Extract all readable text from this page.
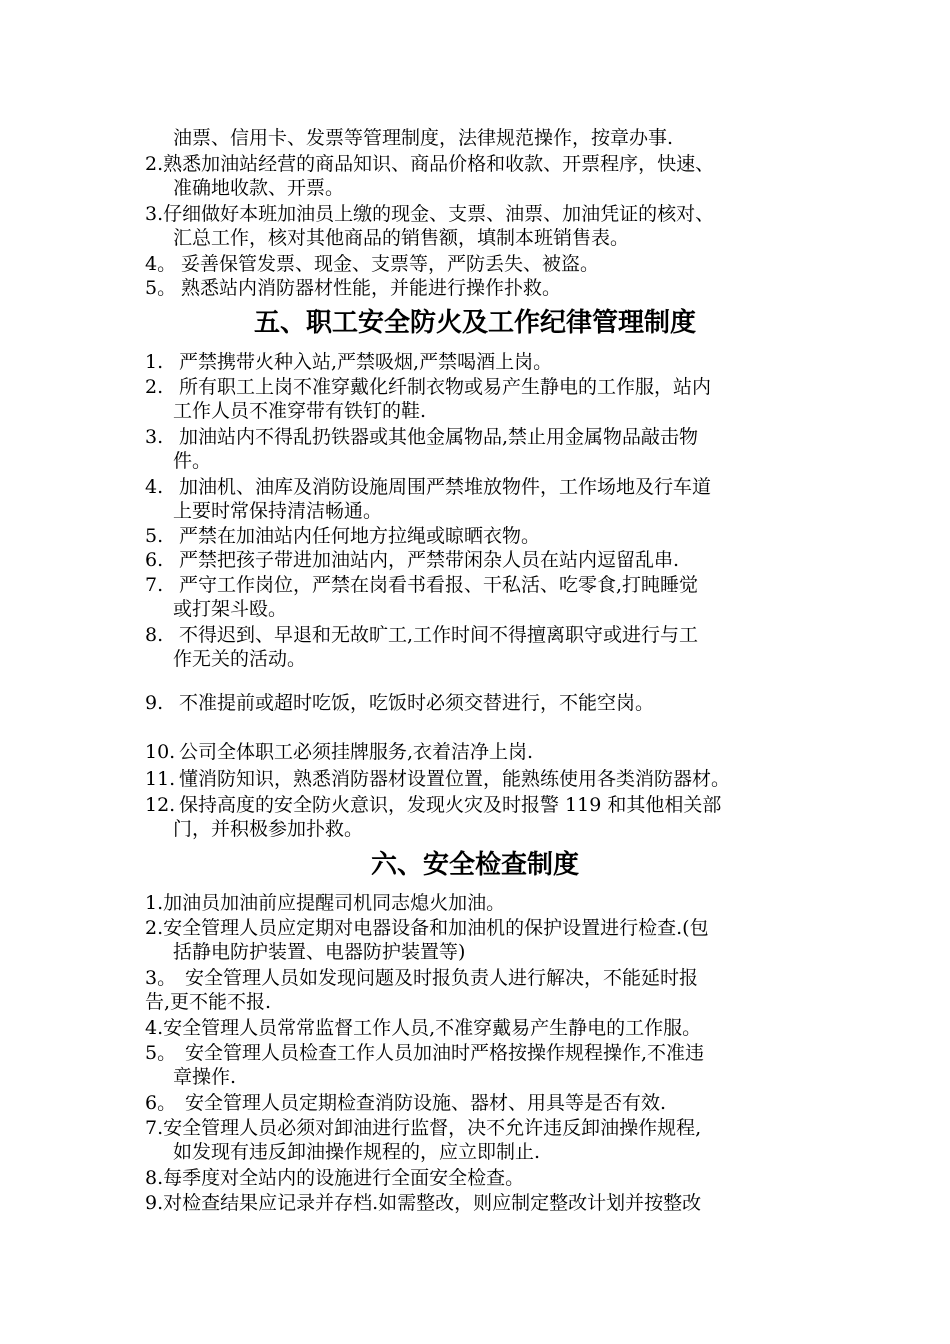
油票、信用卡、发票等管理制度，法律规范操作，按章办事.
2.熟悉加油站经营的商品知识、商品价格和收款、开票程序，快速、
准确地收款、开票。
3.仔细做好本班加油员上缴的现金、支票、油票、加油凭证的核对、
汇总工作，核对其他商品的销售额，填制本班销售表。
4。 妥善保管发票、现金、支票等，严防丢失、被盗。
5。 熟悉站内消防器材性能，并能进行操作扑救。
五、职工安全防火及工作纪律管理制度
1. 严禁携带火种入站,严禁吸烟,严禁喝酒上岗。
2. 所有职工上岗不准穿戴化纤制衣物或易产生静电的工作服，站内
工作人员不准穿带有铁钉的鞋.
3. 加油站内不得乱扔铁器或其他金属物品,禁止用金属物品敲击物
件。
4. 加油机、油库及消防设施周围严禁堆放物件，工作场地及行车道
上要时常保持清洁畅通。
5. 严禁在加油站内任何地方拉绳或晾晒衣物。
6. 严禁把孩子带进加油站内，严禁带闲杂人员在站内逗留乱串.
7. 严守工作岗位，严禁在岗看书看报、干私活、吃零食,打盹睡觉
或打架斗殴。
8. 不得迟到、早退和无故旷工,工作时间不得擅离职守或进行与工
作无关的活动。
9. 不准提前或超时吃饭，吃饭时必须交替进行，不能空岗。
10. 公司全体职工必须挂牌服务,衣着洁净上岗.
11. 懂消防知识，熟悉消防器材设置位置，能熟练使用各类消防器材。
12. 保持高度的安全防火意识，发现火灾及时报警 119 和其他相关部
门，并积极参加扑救。
六、安全检查制度
1.加油员加油前应提醒司机同志熄火加油。
2.安全管理人员应定期对电器设备和加油机的保护设置进行检查.(包
括静电防护装置、电器防护装置等)
3。 安全管理人员如发现问题及时报负责人进行解决，不能延时报
告,更不能不报.
4.安全管理人员常常监督工作人员,不准穿戴易产生静电的工作服。
5。 安全管理人员检查工作人员加油时严格按操作规程操作,不准违
章操作.
6。 安全管理人员定期检查消防设施、器材、用具等是否有效.
7.安全管理人员必须对卸油进行监督，决不允许违反卸油操作规程,
如发现有违反卸油操作规程的，应立即制止.
8.每季度对全站内的设施进行全面安全检查。
9.对检查结果应记录并存档.如需整改，则应制定整改计划并按整改
